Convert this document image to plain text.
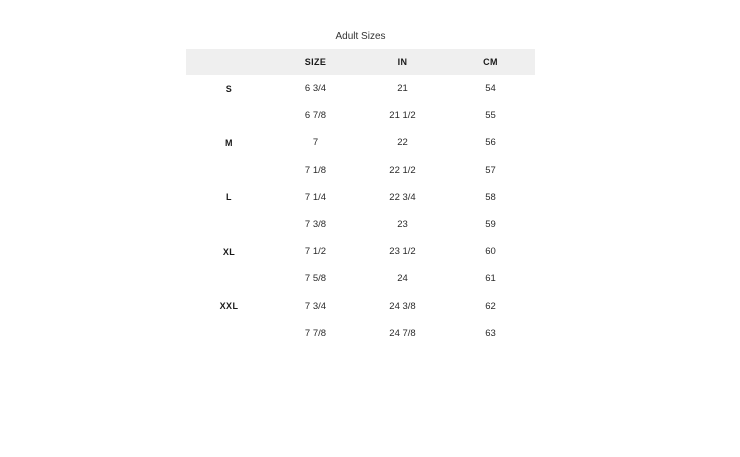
Adult Sizes
	SIZE	IN	CM
S	6 3/4	21	54
	6 7/8	21 1/2	55
M	7	22	56
	7 1/8	22 1/2	57
L	7 1/4	22 3/4	58
	7 3/8	23	59
XL	7 1/2	23 1/2	60
	7 5/8	24	61
XXL	7 3/4	24 3/8	62
	7 7/8	24 7/8	63
